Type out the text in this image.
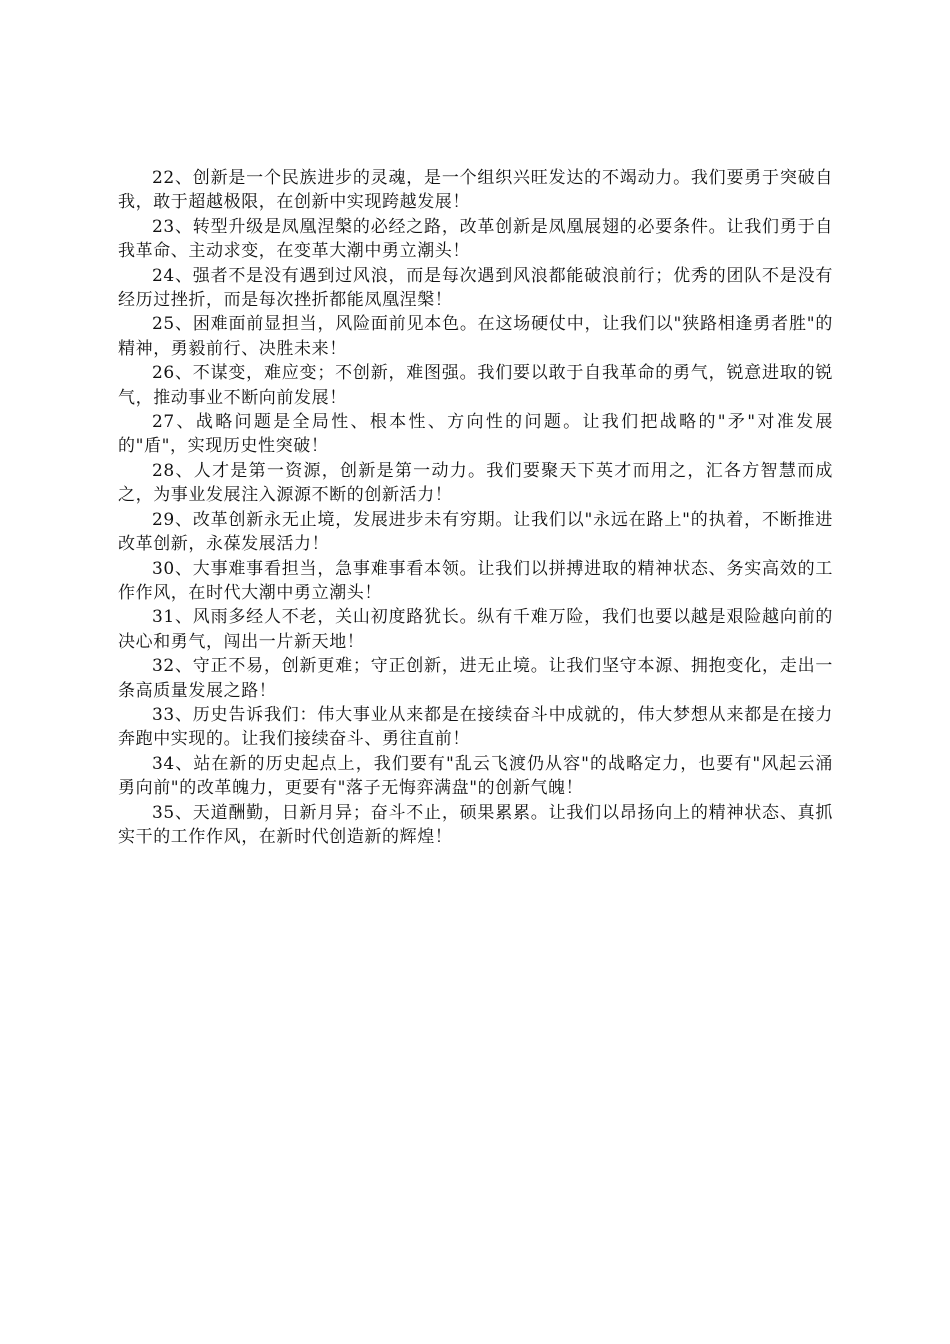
22、创新是一个民族进步的灵魂，是一个组织兴旺发达的不竭动力。我们要勇于突破自我，敢于超越极限，在创新中实现跨越发展！

23、转型升级是凤凰涅槃的必经之路，改革创新是凤凰展翅的必要条件。让我们勇于自我革命、主动求变，在变革大潮中勇立潮头！

24、强者不是没有遇到过风浪，而是每次遇到风浪都能破浪前行；优秀的团队不是没有经历过挫折，而是每次挫折都能凤凰涅槃！

25、困难面前显担当，风险面前见本色。在这场硬仗中，让我们以"狭路相逢勇者胜"的精神，勇毅前行、决胜未来！

26、不谋变，难应变；不创新，难图强。我们要以敢于自我革命的勇气，锐意进取的锐气，推动事业不断向前发展！

27、战略问题是全局性、根本性、方向性的问题。让我们把战略的"矛"对准发展的"盾"，实现历史性突破！

28、人才是第一资源，创新是第一动力。我们要聚天下英才而用之，汇各方智慧而成之，为事业发展注入源源不断的创新活力！

29、改革创新永无止境，发展进步未有穷期。让我们以"永远在路上"的执着，不断推进改革创新，永葆发展活力！

30、大事难事看担当，急事难事看本领。让我们以拼搏进取的精神状态、务实高效的工作作风，在时代大潮中勇立潮头！

31、风雨多经人不老，关山初度路犹长。纵有千难万险，我们也要以越是艰险越向前的决心和勇气，闯出一片新天地！

32、守正不易，创新更难；守正创新，进无止境。让我们坚守本源、拥抱变化，走出一条高质量发展之路！

33、历史告诉我们：伟大事业从来都是在接续奋斗中成就的，伟大梦想从来都是在接力奔跑中实现的。让我们接续奋斗、勇往直前！

34、站在新的历史起点上，我们要有"乱云飞渡仍从容"的战略定力，也要有"风起云涌勇向前"的改革魄力，更要有"落子无悔弈满盘"的创新气魄！

35、天道酬勤，日新月异；奋斗不止，硕果累累。让我们以昂扬向上的精神状态、真抓实干的工作作风，在新时代创造新的辉煌！
